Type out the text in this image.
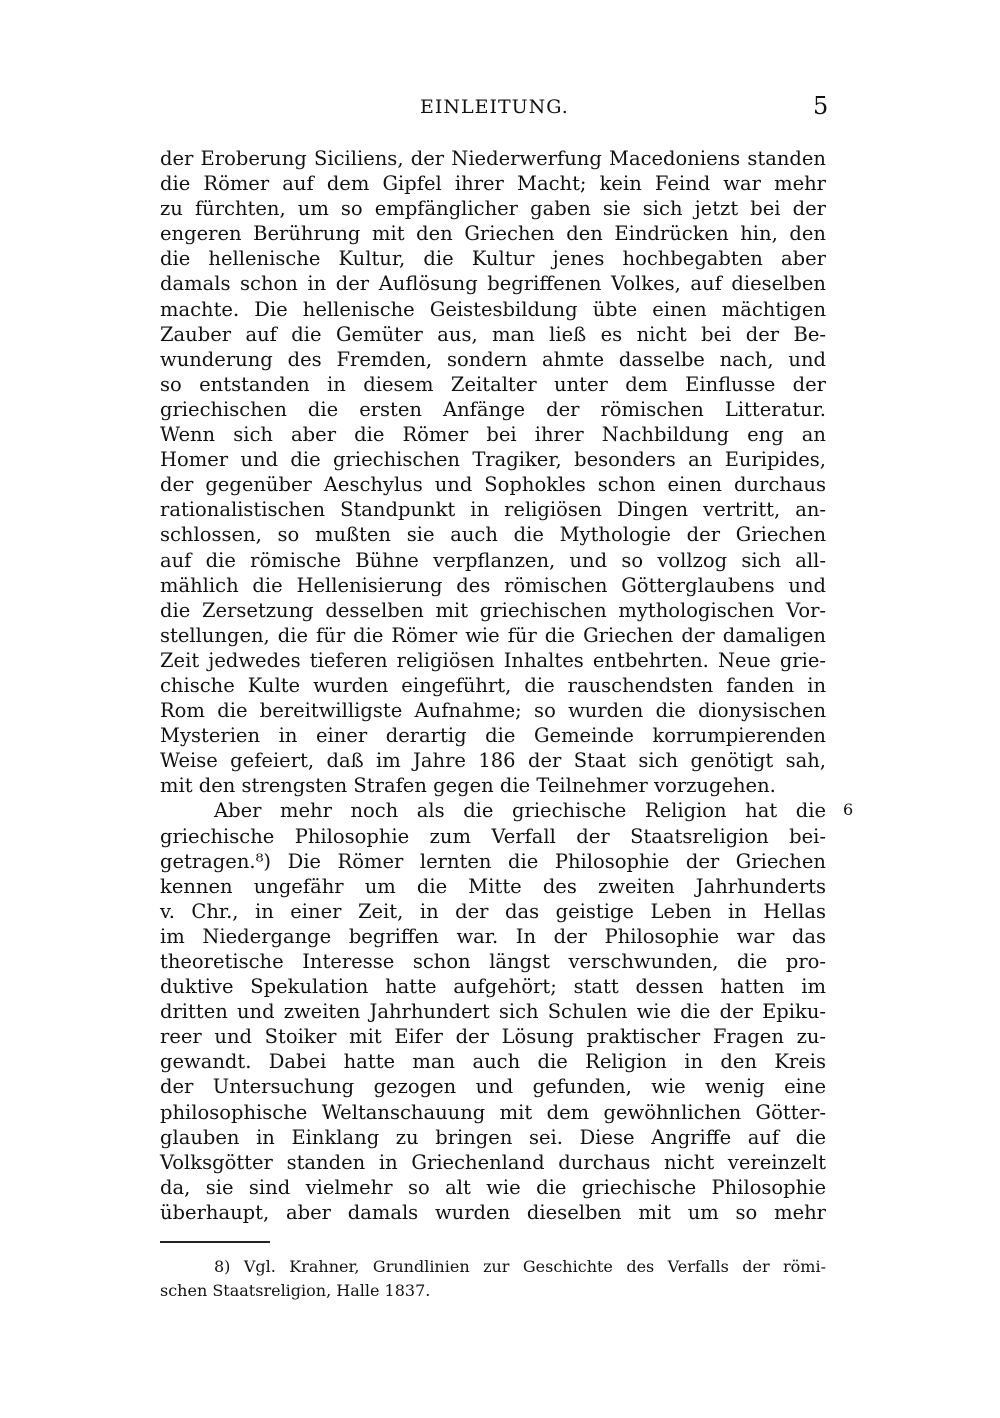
EINLEITUNG.	5
der Eroberung Siciliens, der Niederwerfung Macedoniens standen
die Römer auf dem Gipfel ihrer Macht; kein Feind war mehr
zu fürchten, um so empfänglicher gaben sie sich jetzt bei der
engeren Berührung mit den Griechen den Eindrücken hin, den
die hellenische Kultur, die Kultur jenes hochbegabten aber
damals schon in der Auflösung begriffenen Volkes, auf dieselben
machte. Die hellenische Geistesbildung übte einen mächtigen
Zauber auf die Gemüter aus, man ließ es nicht bei der Be-
wunderung des Fremden, sondern ahmte dasselbe nach, und
so entstanden in diesem Zeitalter unter dem Einflusse der
griechischen die ersten Anfänge der römischen Litteratur.
Wenn sich aber die Römer bei ihrer Nachbildung eng an
Homer und die griechischen Tragiker, besonders an Euripides,
der gegenüber Aeschylus und Sophokles schon einen durchaus
rationalistischen Standpunkt in religiösen Dingen vertritt, an-
schlossen, so mußten sie auch die Mythologie der Griechen
auf die römische Bühne verpflanzen, und so vollzog sich all-
mählich die Hellenisierung des römischen Götterglaubens und
die Zersetzung desselben mit griechischen mythologischen Vor-
stellungen, die für die Römer wie für die Griechen der damaligen
Zeit jedwedes tieferen religiösen Inhaltes entbehrten. Neue grie-
chische Kulte wurden eingeführt, die rauschendsten fanden in
Rom die bereitwilligste Aufnahme; so wurden die dionysischen
Mysterien in einer derartig die Gemeinde korrumpierenden
Weise gefeiert, daß im Jahre 186 der Staat sich genötigt sah,
mit den strengsten Strafen gegen die Teilnehmer vorzugehen.
Aber mehr noch als die griechische Religion hat die
griechische Philosophie zum Verfall der Staatsreligion bei-
getragen.⁸) Die Römer lernten die Philosophie der Griechen
kennen ungefähr um die Mitte des zweiten Jahrhunderts
v. Chr., in einer Zeit, in der das geistige Leben in Hellas
im Niedergange begriffen war. In der Philosophie war das
theoretische Interesse schon längst verschwunden, die pro-
duktive Spekulation hatte aufgehört; statt dessen hatten im
dritten und zweiten Jahrhundert sich Schulen wie die der Epiku-
reer und Stoiker mit Eifer der Lösung praktischer Fragen zu-
gewandt. Dabei hatte man auch die Religion in den Kreis
der Untersuchung gezogen und gefunden, wie wenig eine
philosophische Weltanschauung mit dem gewöhnlichen Götter-
glauben in Einklang zu bringen sei. Diese Angriffe auf die
Volksgötter standen in Griechenland durchaus nicht vereinzelt
da, sie sind vielmehr so alt wie die griechische Philosophie
überhaupt, aber damals wurden dieselben mit um so mehr
6
8) Vgl. Krahner, Grundlinien zur Geschichte des Verfalls der römi-
schen Staatsreligion, Halle 1837.
